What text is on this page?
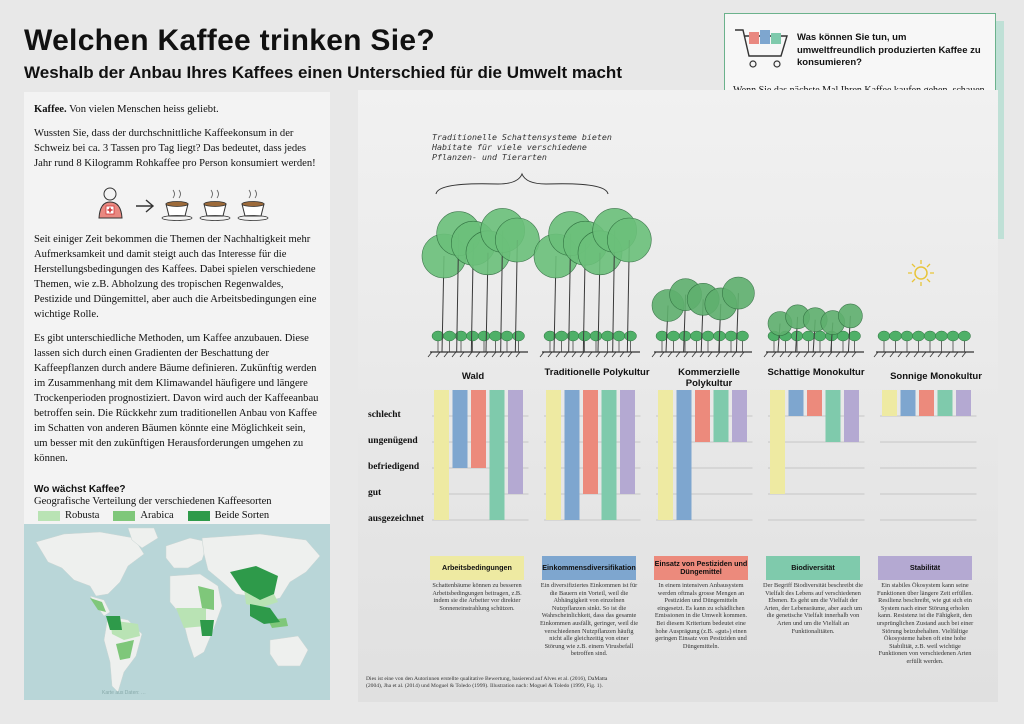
Welchen Kaffee trinken Sie?
Weshalb der Anbau Ihres Kaffees einen Unterschied für die Umwelt macht

Kaffee. Von vielen Menschen heiss geliebt.

Wussten Sie, dass der durchschnittliche Kaffeekonsum in der Schweiz bei ca. 3 Tassen pro Tag liegt? Das bedeutet, dass jedes Jahr rund 8 Kilogramm Rohkaffee pro Person konsumiert werden!

Seit einiger Zeit bekommen die Themen der Nachhaltigkeit mehr Aufmerksamkeit und damit steigt auch das Interesse für die Herstellungsbedingungen des Kaffees. Dabei spielen verschiedene Themen, wie z.B. Abholzung des tropischen Regenwaldes, Pestizide und Düngemittel, aber auch die Arbeitsbedingungen eine wichtige Rolle.

Es gibt unterschiedliche Methoden, um Kaffee anzubauen. Diese lassen sich durch einen Gradienten der Beschattung der Kaffeepflanzen durch andere Bäume definieren. Zukünftig werden im Zusammenhang mit dem Klimawandel häufigere und längere Trockenperioden prognostiziert. Davon wird auch der Kaffeeanbau betroffen sein. Die Rückkehr zum traditionellen Anbau von Kaffee im Schatten von anderen Bäumen könnte eine Möglichkeit sein, um besser mit den zukünftigen Herausforderungen umgehen zu können.

Wo wächst Kaffee?
Geografische Verteilung der verschiedenen Kaffeesorten
Robusta	Arabica	Beide Sorten
Karte aus Daten: …
Was können Sie tun, um umweltfreundlich produzierten Kaffee zu konsumieren?
Traditionelle Schattensysteme bieten Habitate für viele verschiedene Pflanzen- und Tierarten
Wald	Traditionelle Polykultur	Kommerzielle Polykultur
Schattige Monokultur	Sonnige Monokultur
schlecht
ungenügend
befriedigend
gut
ausgezeichnet
Arbeitsbedingungen	Einkommensdiversifikation	Einsatz von Pestiziden und Düngemittel	Biodiversität	Stabilität
Schattenbäume können zu besseren Arbeitsbedingungen beitragen, z.B. indem sie die Arbeiter vor direkter Sonneneinstrahlung schützen.
Ein diversifiziertes Einkommen ist für die Bauern ein Vorteil, weil die Abhängigkeit von einzelnen Nutzpflanzen sinkt. So ist die Wahrscheinlichkeit, dass das gesamte Einkommen ausfällt, geringer, weil die verschiedenen Nutzpflanzen häufig nicht alle gleichzeitig von einer Störung wie z.B. einem Virusbefall betroffen sind.
In einem intensiven Anbausystem werden oftmals grosse Mengen an Pestiziden und Düngemitteln eingesetzt. Es kann zu schädlichen Emissionen in die Umwelt kommen. Bei diesem Kriterium bedeutet eine hohe Ausprägung (z.B. «gut») einen geringen Einsatz von Pestiziden und Düngemitteln.
Der Begriff Biodiversität beschreibt die Vielfalt des Lebens auf verschiedenen Ebenen. Es geht um die Vielfalt der Arten, der Lebensräume, aber auch um die genetische Vielfalt innerhalb von Arten und um die Vielfalt an Funktionalitäten.
Ein stabiles Ökosystem kann seine Funktionen über längere Zeit erfüllen. Resilienz beschreibt, wie gut sich ein System nach einer Störung erholen kann. Resistenz ist die Fähigkeit, den ursprünglichen Zustand auch bei einer Störung beizubehalten. Vielfältige Ökosysteme haben oft eine hohe Stabilität, z.B. weil wichtige Funktionen von verschiedenen Arten erfüllt werden.
Dies ist eine von den Autorinnen erstellte qualitative Bewertung, basierend auf Alves et al. (2016), DaMatta (2004), Jha et al. (2014) und Moguel & Toledo (1999). Illustration nach: Moguel & Toledo (1999, Fig. 1).
